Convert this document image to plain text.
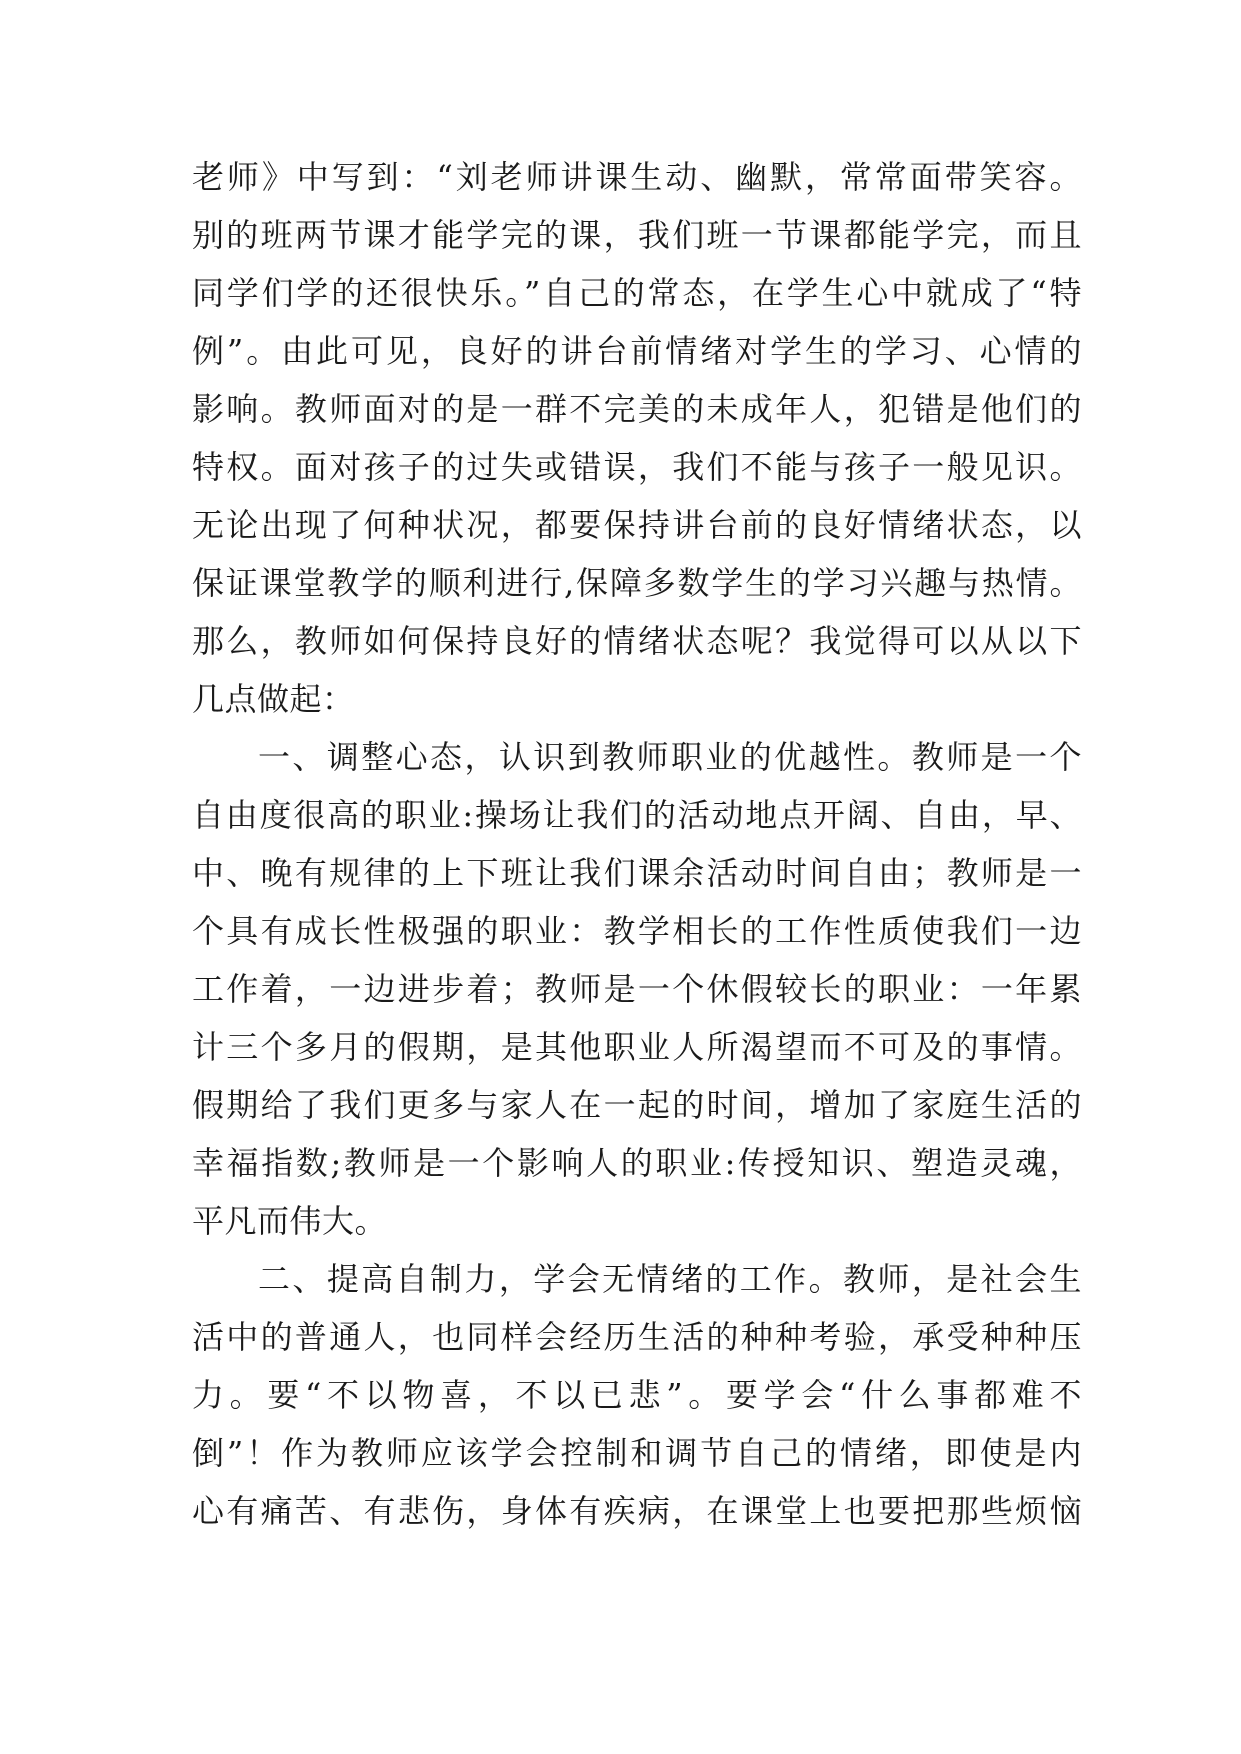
老师》中写到：“刘老师讲课生动、幽默，常常面带笑容。
别的班两节课才能学完的课，我们班一节课都能学完，而且
同学们学的还很快乐。”自己的常态，在学生心中就成了“特
例”。由此可见，良好的讲台前情绪对学生的学习、心情的
影响。教师面对的是一群不完美的未成年人，犯错是他们的
特权。面对孩子的过失或错误，我们不能与孩子一般见识。
无论出现了何种状况，都要保持讲台前的良好情绪状态，以
保证课堂教学的顺利进行,保障多数学生的学习兴趣与热情。
那么，教师如何保持良好的情绪状态呢？我觉得可以从以下
几点做起：
一、调整心态，认识到教师职业的优越性。教师是一个
自由度很高的职业:操场让我们的活动地点开阔、自由，早、
中、晚有规律的上下班让我们课余活动时间自由；教师是一
个具有成长性极强的职业：教学相长的工作性质使我们一边
工作着，一边进步着；教师是一个休假较长的职业：一年累
计三个多月的假期，是其他职业人所渴望而不可及的事情。
假期给了我们更多与家人在一起的时间，增加了家庭生活的
幸福指数;教师是一个影响人的职业:传授知识、塑造灵魂，
平凡而伟大。
二、提高自制力，学会无情绪的工作。教师，是社会生
活中的普通人，也同样会经历生活的种种考验，承受种种压
力。要“不以物喜，不以已悲”。要学会“什么事都难不
倒”！作为教师应该学会控制和调节自己的情绪，即使是内
心有痛苦、有悲伤，身体有疾病，在课堂上也要把那些烦恼
